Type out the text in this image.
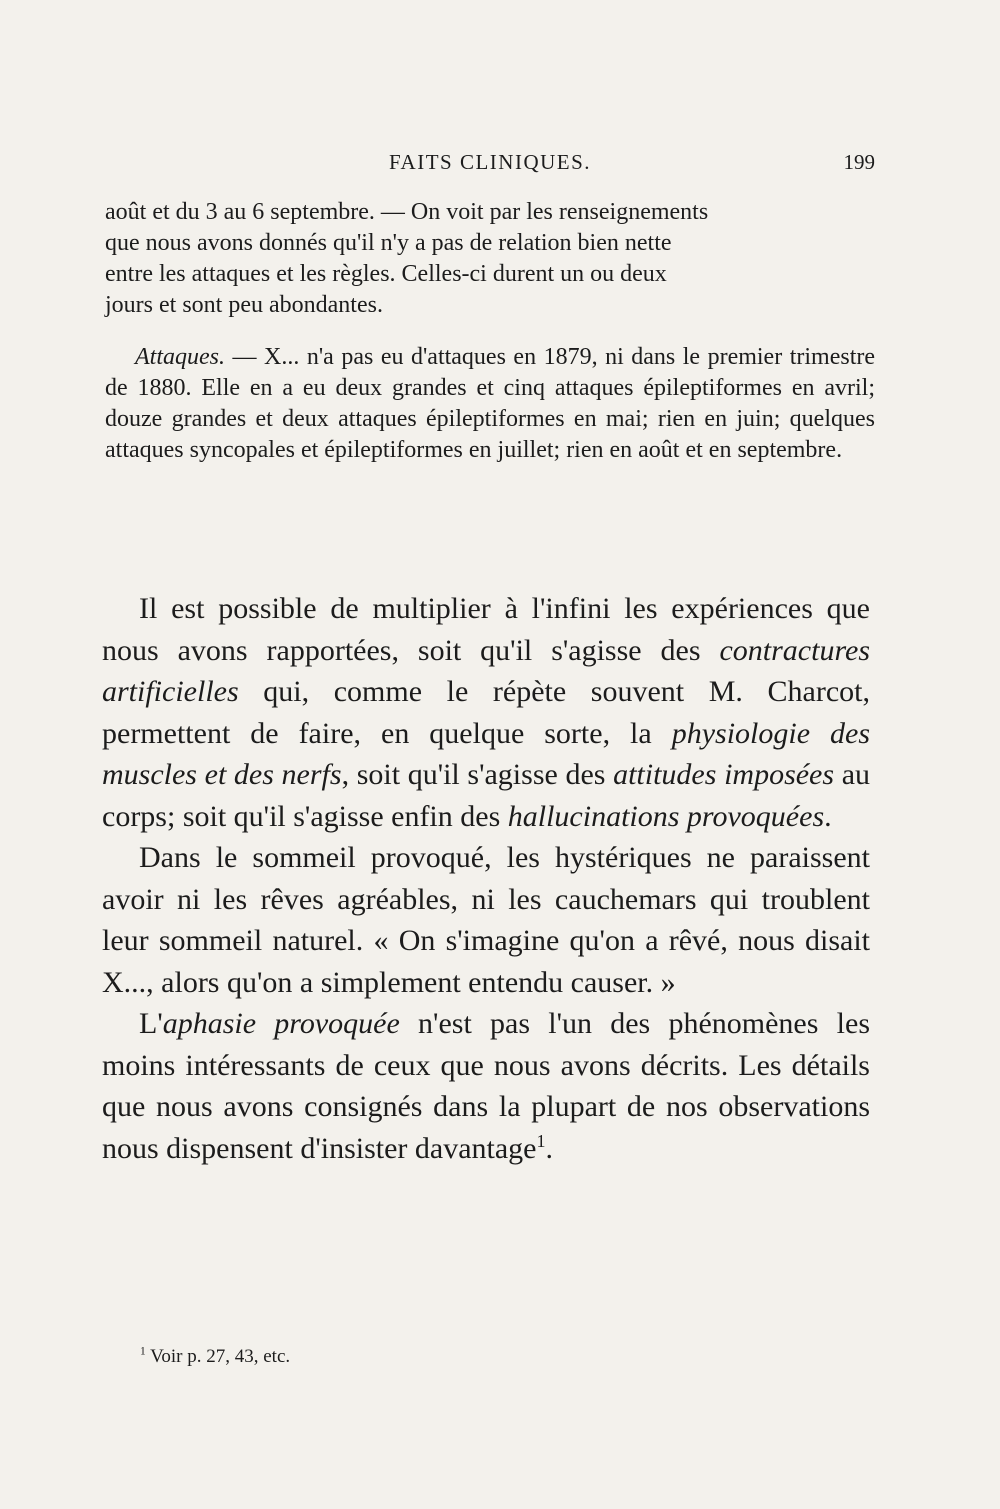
FAITS CLINIQUES.	199

août et du 3 au 6 septembre. — On voit par les renseignements

que nous avons donnés qu'il n'y a pas de relation bien nette

entre les attaques et les règles. Celles-ci durent un ou deux

jours et sont peu abondantes.

Attaques. — X... n'a pas eu d'attaques en 1879, ni dans le premier trimestre de 1880. Elle en a eu deux grandes et cinq attaques épileptiformes en avril; douze grandes et deux attaques épileptiformes en mai; rien en juin; quelques attaques syncopales et épileptiformes en juillet; rien en août et en septembre.

Il est possible de multiplier à l'infini les expériences que nous avons rapportées, soit qu'il s'agisse des contractures artificielles qui, comme le répète souvent M. Charcot, permettent de faire, en quelque sorte, la physiologie des muscles et des nerfs, soit qu'il s'agisse des attitudes imposées au corps; soit qu'il s'agisse enfin des hallucinations provoquées.

Dans le sommeil provoqué, les hystériques ne paraissent avoir ni les rêves agréables, ni les cauchemars qui troublent leur sommeil naturel. « On s'imagine qu'on a rêvé, nous disait X..., alors qu'on a simplement entendu causer. »

L'aphasie provoquée n'est pas l'un des phénomènes les moins intéressants de ceux que nous avons décrits. Les détails que nous avons consignés dans la plupart de nos observations nous dispensent d'insister davantage$^1$.

$^1$ Voir p. 27, 43, etc.
